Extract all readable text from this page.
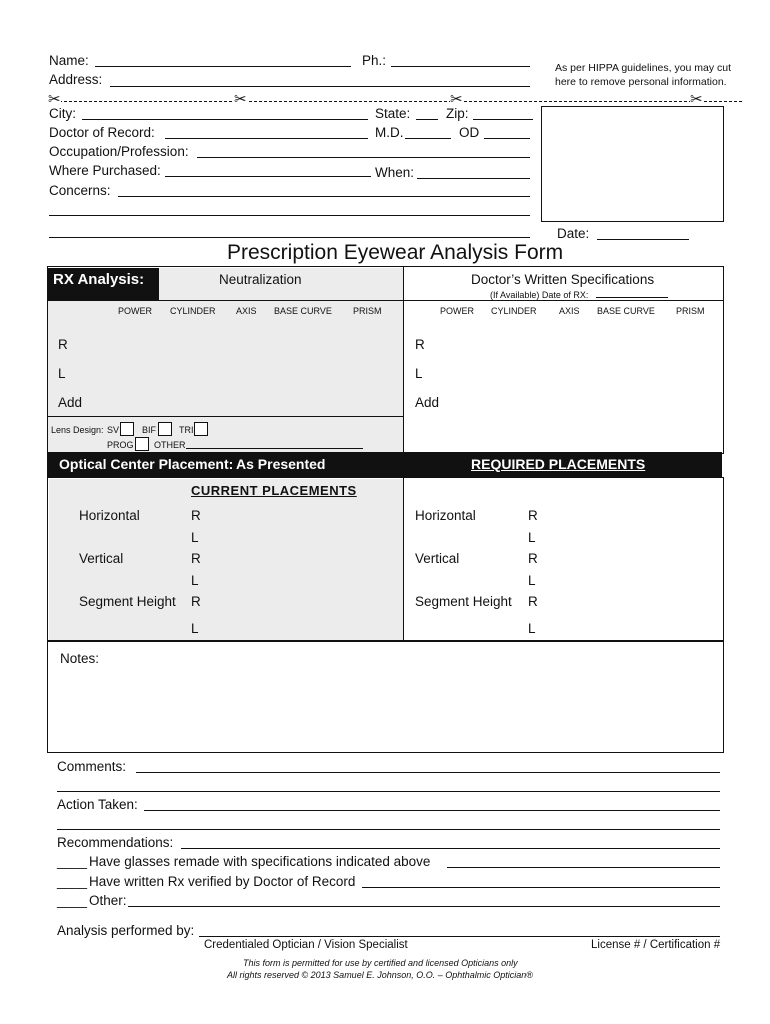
Name:	Ph.:
Address:
As per HIPPA guidelines, you may cut
here to remove personal information.
✂	✂	✂	✂
City:	State:	Zip:
Doctor of Record:	M.D.	OD
Occupation/Profession:
Where Purchased:	When:
Concerns:
Date:
Prescription Eyewear Analysis Form
RX Analysis:	Neutralization	Doctor’s Written Specifications
(If Available) Date of RX:
POWER CYLINDER AXIS BASE CURVE PRISM	POWER CYLINDER AXIS BASE CURVE PRISM
R
L
Add
R
L
Add
Lens Design: SV	BIF	TRI
PROG OTHER
Optical Center Placement: As Presented	REQUIRED PLACEMENTS
CURRENT PLACEMENTS
Horizontal	R
L
Vertical	R
L
Segment Height R
L
Horizontal	R
L
Vertical	R
L
Segment Height R
L
Notes:
Comments:
Action Taken:
Recommendations:
____ Have glasses remade with specifications indicated above
____ Have written Rx verified by Doctor of Record
____ Other:
Analysis performed by:
Credentialed Optician / Vision Specialist	License # / Certification #
This form is permitted for use by certified and licensed Opticians only
All rights reserved © 2013 Samuel E. Johnson, O.O. – Ophthalmic Optician®
